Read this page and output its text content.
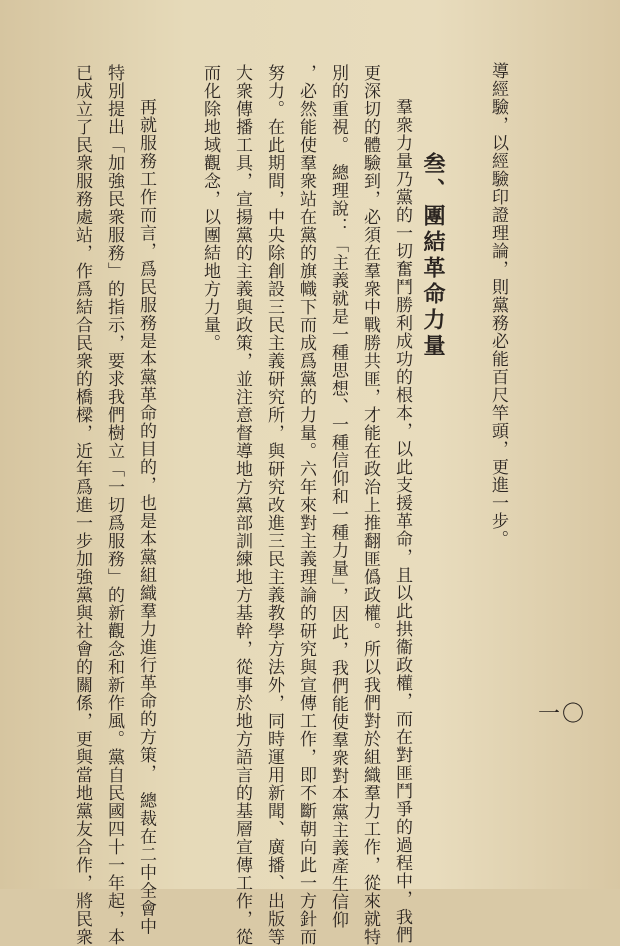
導經驗，以經驗印證理論，則黨務必能百尺竿頭，更進一步。
叁、團結革命力量
羣衆力量乃黨的一切奮鬥勝利成功的根本，以此支援革命，且以此拱衞政權，而在對匪鬥爭的過程中，我們
更深切的體驗到，必須在羣衆中戰勝共匪，才能在政治上推翻匪僞政權。所以我們對於組織羣力工作，從來就特
別的重視。　總理說：「主義就是一種思想、一種信仰和一種力量」，因此，我們能使羣衆對本黨主義產生信仰
，必然能使羣衆站在黨的旗幟下而成爲黨的力量。六年來對主義理論的研究與宣傳工作，即不斷朝向此一方針而
努力。在此期間，中央除創設三民主義研究所，與研究改進三民主義教學方法外，同時運用新聞、廣播、出版等
大衆傳播工具，宣揚黨的主義與政策，並注意督導地方黨部訓練地方基幹，從事於地方語言的基層宣傳工作，從
而化除地域觀念，以團結地方力量。
再就服務工作而言，爲民服務是本黨革命的目的，也是本黨組織羣力進行革命的方策，　總裁在二中全會中
特別提出「加強民衆服務」的指示，要求我們樹立「一切爲服務」的新觀念和新作風。黨自民國四十一年起，本
已成立了民衆服務處站，作爲結合民衆的橋樑，近年爲進一步加強黨與社會的關係，更與當地黨友合作，將民衆	一〇
